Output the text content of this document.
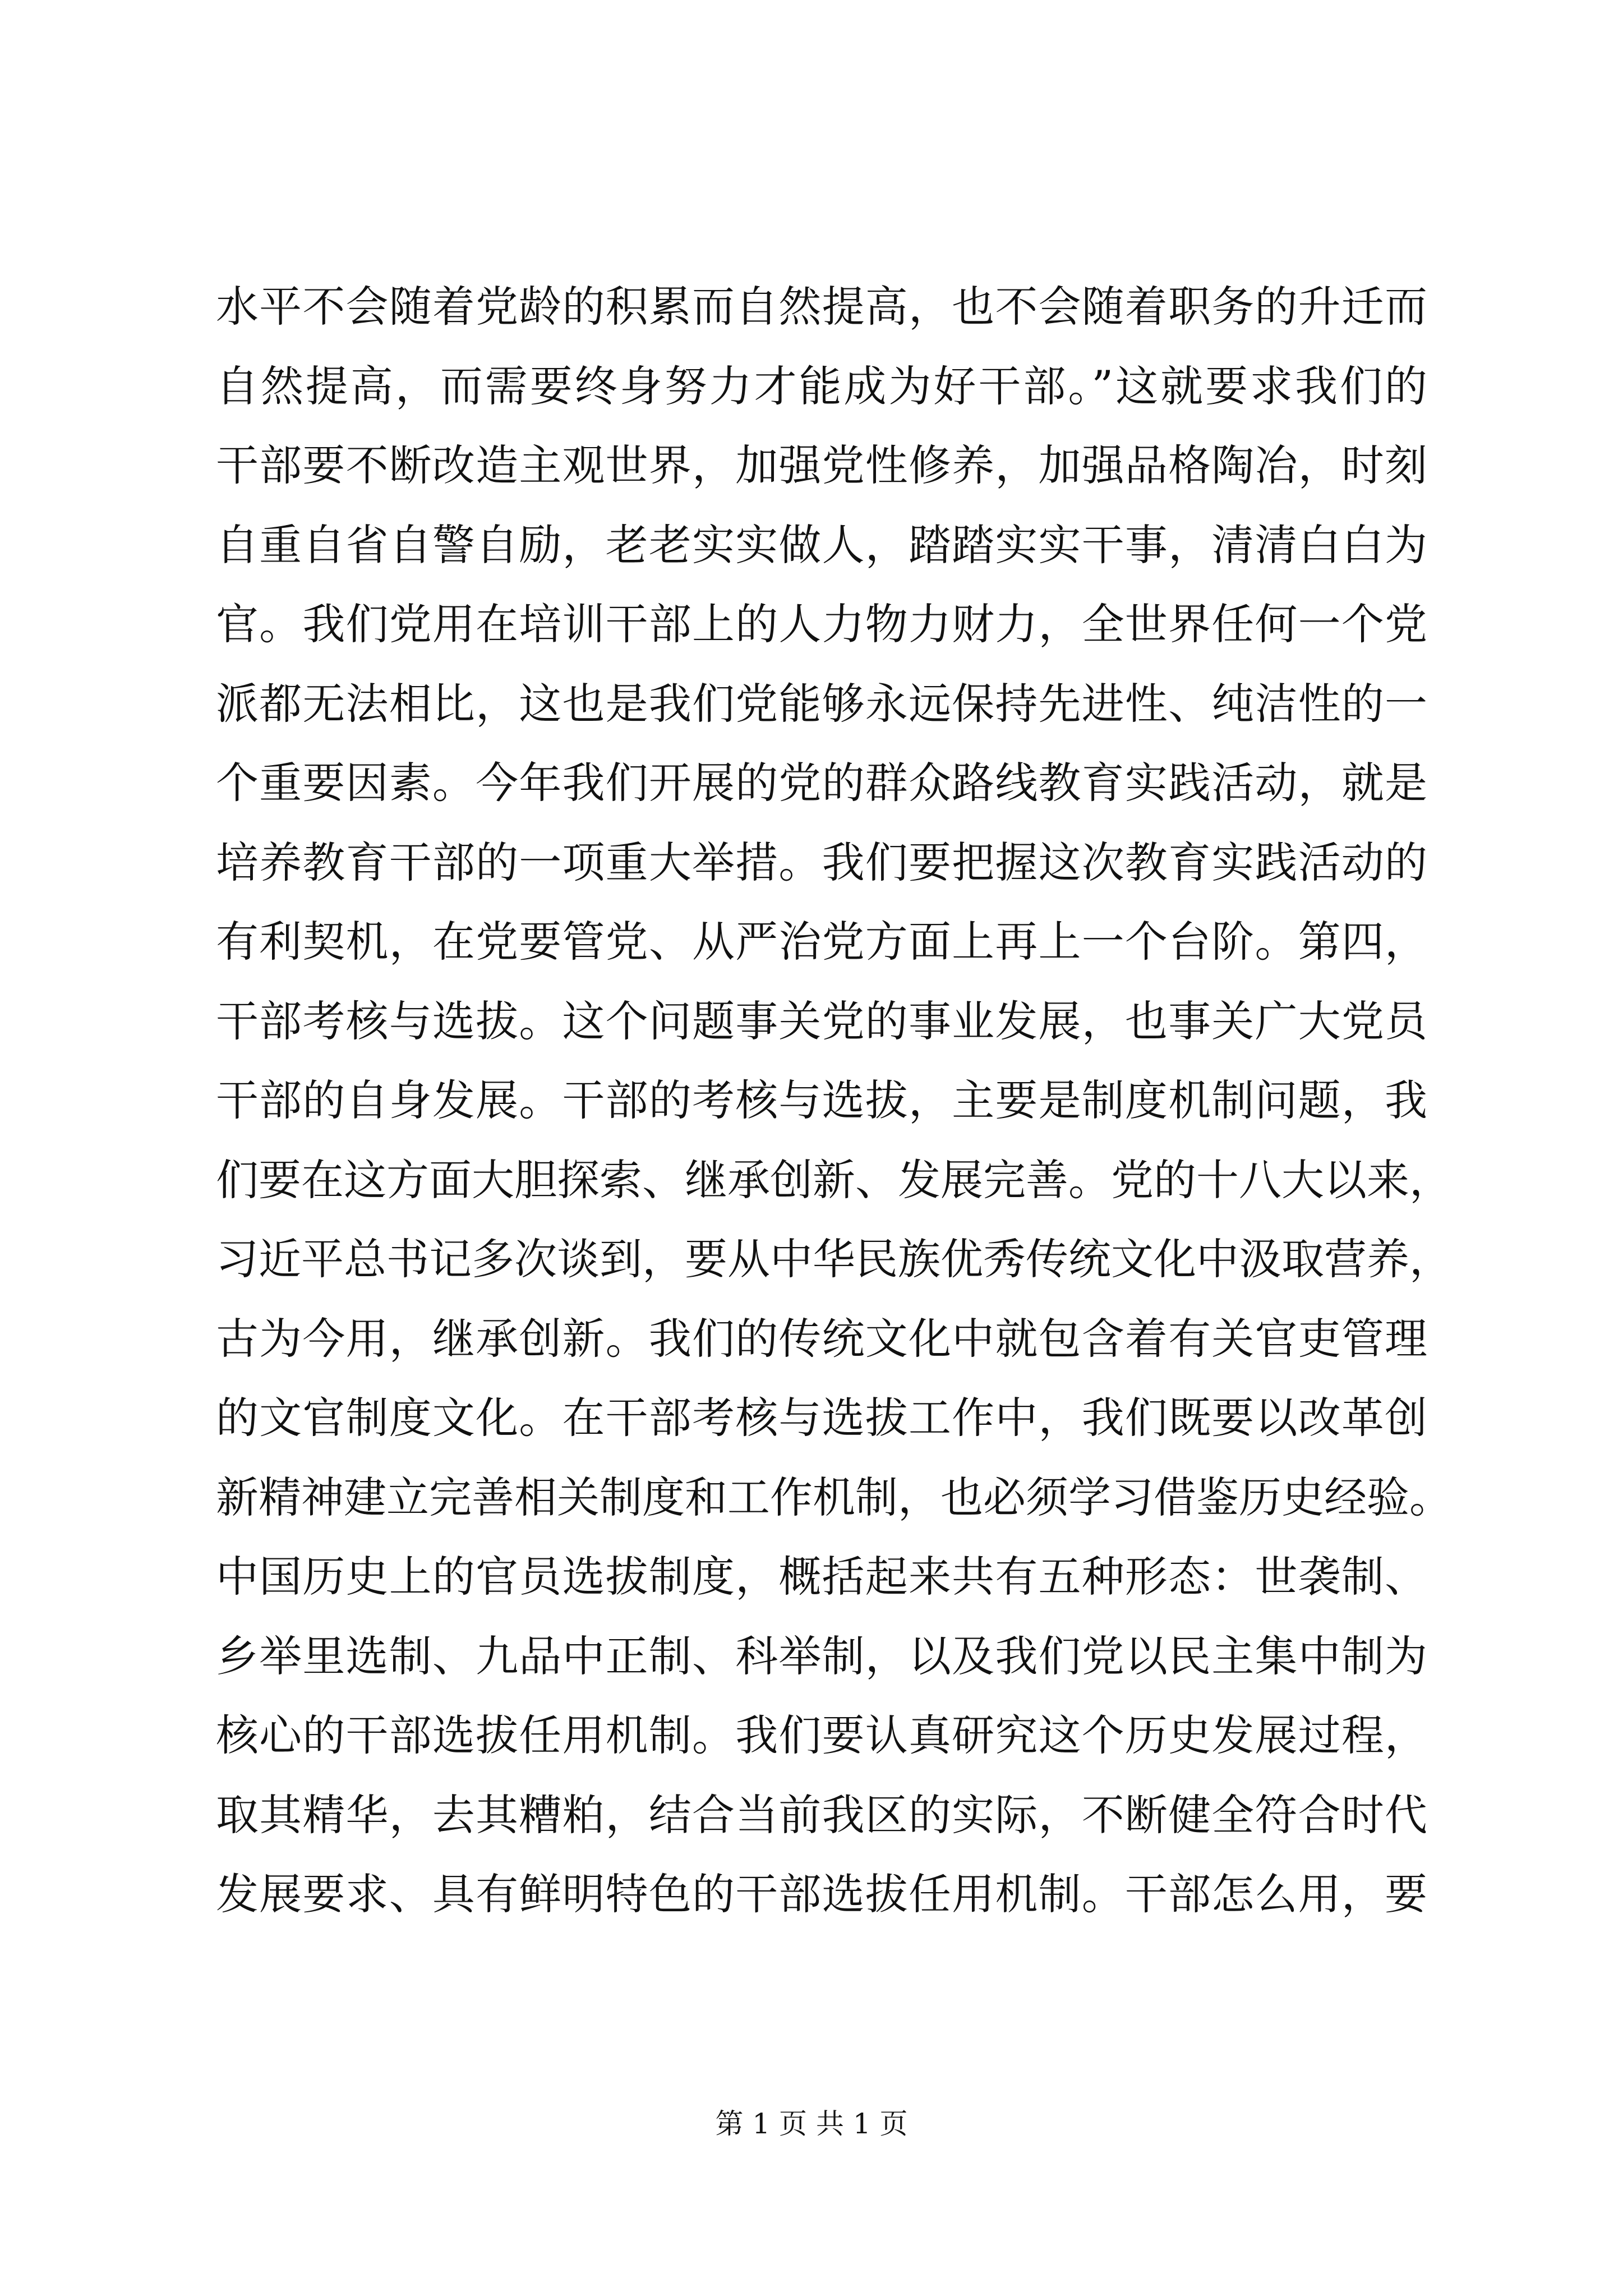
水平不会随着党龄的积累而自然提高，也不会随着职务的升迁而
自然提高，而需要终身努力才能成为好干部。”这就要求我们的
干部要不断改造主观世界，加强党性修养，加强品格陶冶，时刻
自重自省自警自励，老老实实做人，踏踏实实干事，清清白白为
官。我们党用在培训干部上的人力物力财力，全世界任何一个党
派都无法相比，这也是我们党能够永远保持先进性、纯洁性的一
个重要因素。今年我们开展的党的群众路线教育实践活动，就是
培养教育干部的一项重大举措。我们要把握这次教育实践活动的
有利契机，在党要管党、从严治党方面上再上一个台阶。第四，
干部考核与选拔。这个问题事关党的事业发展，也事关广大党员
干部的自身发展。干部的考核与选拔，主要是制度机制问题，我
们要在这方面大胆探索、继承创新、发展完善。党的十八大以来，
习近平总书记多次谈到，要从中华民族优秀传统文化中汲取营养，
古为今用，继承创新。我们的传统文化中就包含着有关官吏管理
的文官制度文化。在干部考核与选拔工作中，我们既要以改革创
新精神建立完善相关制度和工作机制，也必须学习借鉴历史经验。
中国历史上的官员选拔制度，概括起来共有五种形态：世袭制、
乡举里选制、九品中正制、科举制，以及我们党以民主集中制为
核心的干部选拔任用机制。我们要认真研究这个历史发展过程，
取其精华，去其糟粕，结合当前我区的实际，不断健全符合时代
发展要求、具有鲜明特色的干部选拔任用机制。干部怎么用，要
第 1 页 共 1 页
